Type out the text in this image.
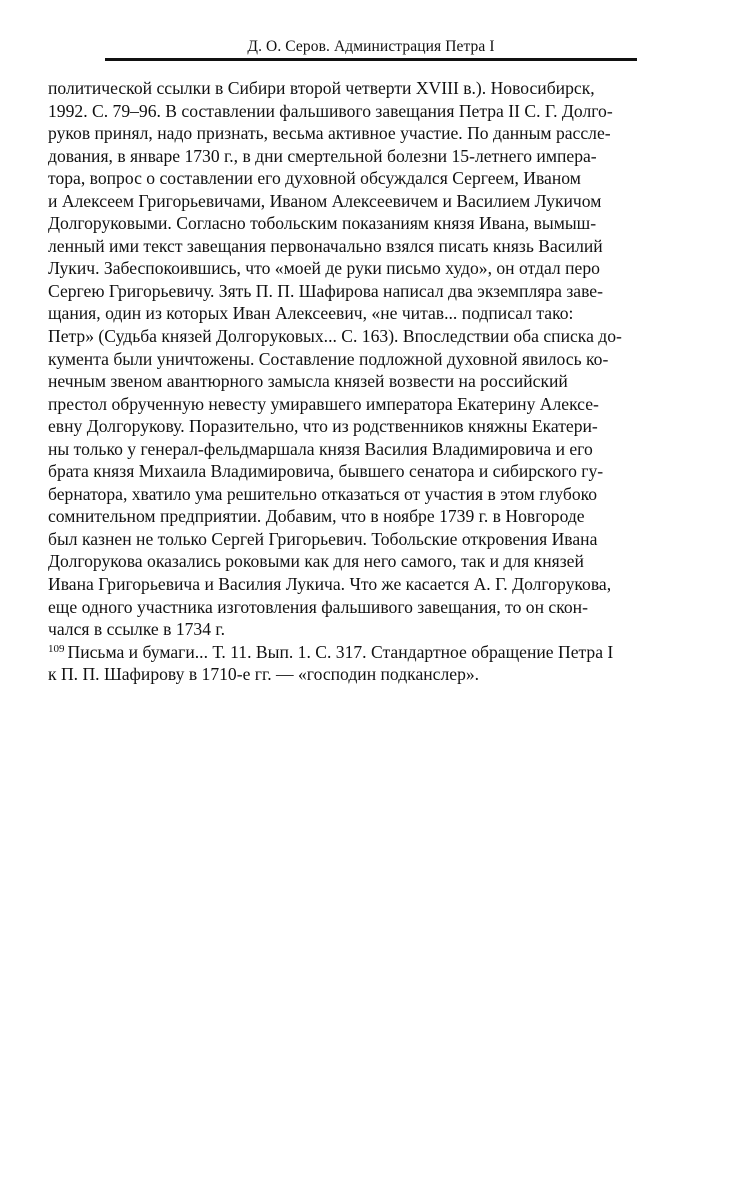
Д. О. Серов. Администрация Петра I
политической ссылки в Сибири второй четверти XVIII в.). Новосибирск,
1992. С. 79–96. В составлении фальшивого завещания Петра II С. Г. Долго-
руков принял, надо признать, весьма активное участие. По данным рассле-
дования, в январе 1730 г., в дни смертельной болезни 15-летнего импера-
тора, вопрос о составлении его духовной обсуждался Сергеем, Иваном
и Алексеем Григорьевичами, Иваном Алексеевичем и Василием Лукичом
Долгоруковыми. Согласно тобольским показаниям князя Ивана, вымыш-
ленный ими текст завещания первоначально взялся писать князь Василий
Лукич. Забеспокоившись, что «моей де руки письмо худо», он отдал перо
Сергею Григорьевичу. Зять П. П. Шафирова написал два экземпляра заве-
щания, один из которых Иван Алексеевич, «не читав... подписал тако:
Петр» (Судьба князей Долгоруковых... С. 163). Впоследствии оба списка до-
кумента были уничтожены. Составление подложной духовной явилось ко-
нечным звеном авантюрного замысла князей возвести на российский
престол обрученную невесту умиравшего императора Екатерину Алексе-
евну Долгорукову. Поразительно, что из родственников княжны Екатери-
ны только у генерал-фельдмаршала князя Василия Владимировича и его
брата князя Михаила Владимировича, бывшего сенатора и сибирского гу-
бернатора, хватило ума решительно отказаться от участия в этом глубоко
сомнительном предприятии. Добавим, что в ноябре 1739 г. в Новгороде
был казнен не только Сергей Григорьевич. Тобольские откровения Ивана
Долгорукова оказались роковыми как для него самого, так и для князей
Ивана Григорьевича и Василия Лукича. Что же касается А. Г. Долгорукова,
еще одного участника изготовления фальшивого завещания, то он скон-
чался в ссылке в 1734 г.
$^{109}$ Письма и бумаги... Т. 11. Вып. 1. С. 317. Стандартное обращение Петра I
к П. П. Шафирову в 1710-е гг. — «господин подканслер».
